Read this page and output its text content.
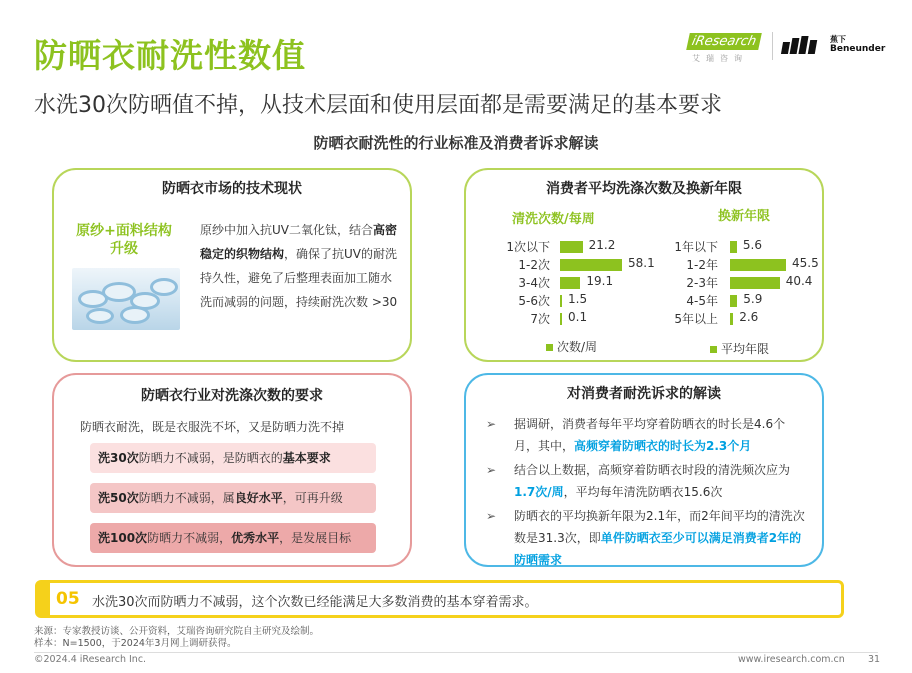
防晒衣耐洗性数值
水洗30次防晒值不掉，从技术层面和使用层面都是需要满足的基本要求
防晒衣耐洗性的行业标准及消费者诉求解读
iResearch
艾瑞咨询
蕉下
Beneunder
防晒衣市场的技术现状
原纱+面料结构升级
原纱中加入抗UV二氧化钛，结合高密稳定的织物结构，确保了抗UV的耐洗持久性，避免了后整理表面加工随水洗而减弱的问题，持续耐洗次数 >30
消费者平均洗涤次数及换新年限
清洗次数/每周	换新年限
1次以下	21.2
1-2次	58.1
3-4次	19.1
5-6次 1.5
7次 0.1
1年以下 5.6
1-2年	45.5
2-3年	40.4
4-5年 5.9
5年以上 2.6
次数/周	平均年限
防晒衣行业对洗涤次数的要求
防晒衣耐洗，既是衣服洗不坏，又是防晒力洗不掉
洗30次防晒力不减弱，是防晒衣的基本要求
洗50次防晒力不减弱，属良好水平，可再升级
洗100次防晒力不减弱，优秀水平，是发展目标
对消费者耐洗诉求的解读
➢ 据调研，消费者每年平均穿着防晒衣的时长是4.6个月，其中，高频穿着防晒衣的时长为2.3个月
➢ 结合以上数据，高频穿着防晒衣时段的清洗频次应为1.7次/周，平均每年清洗防晒衣15.6次
➢ 防晒衣的平均换新年限为2.1年，而2年间平均的清洗次数是31.3次，即单件防晒衣至少可以满足消费者2年的防晒需求
05 水洗30次而防晒力不减弱，这个次数已经能满足大多数消费的基本穿着需求。
来源：专家教授访谈、公开资料，艾瑞咨询研究院自主研究及绘制。
样本：N=1500，于2024年3月网上调研获得。
©2024.4 iResearch Inc.	www.iresearch.com.cn 31
